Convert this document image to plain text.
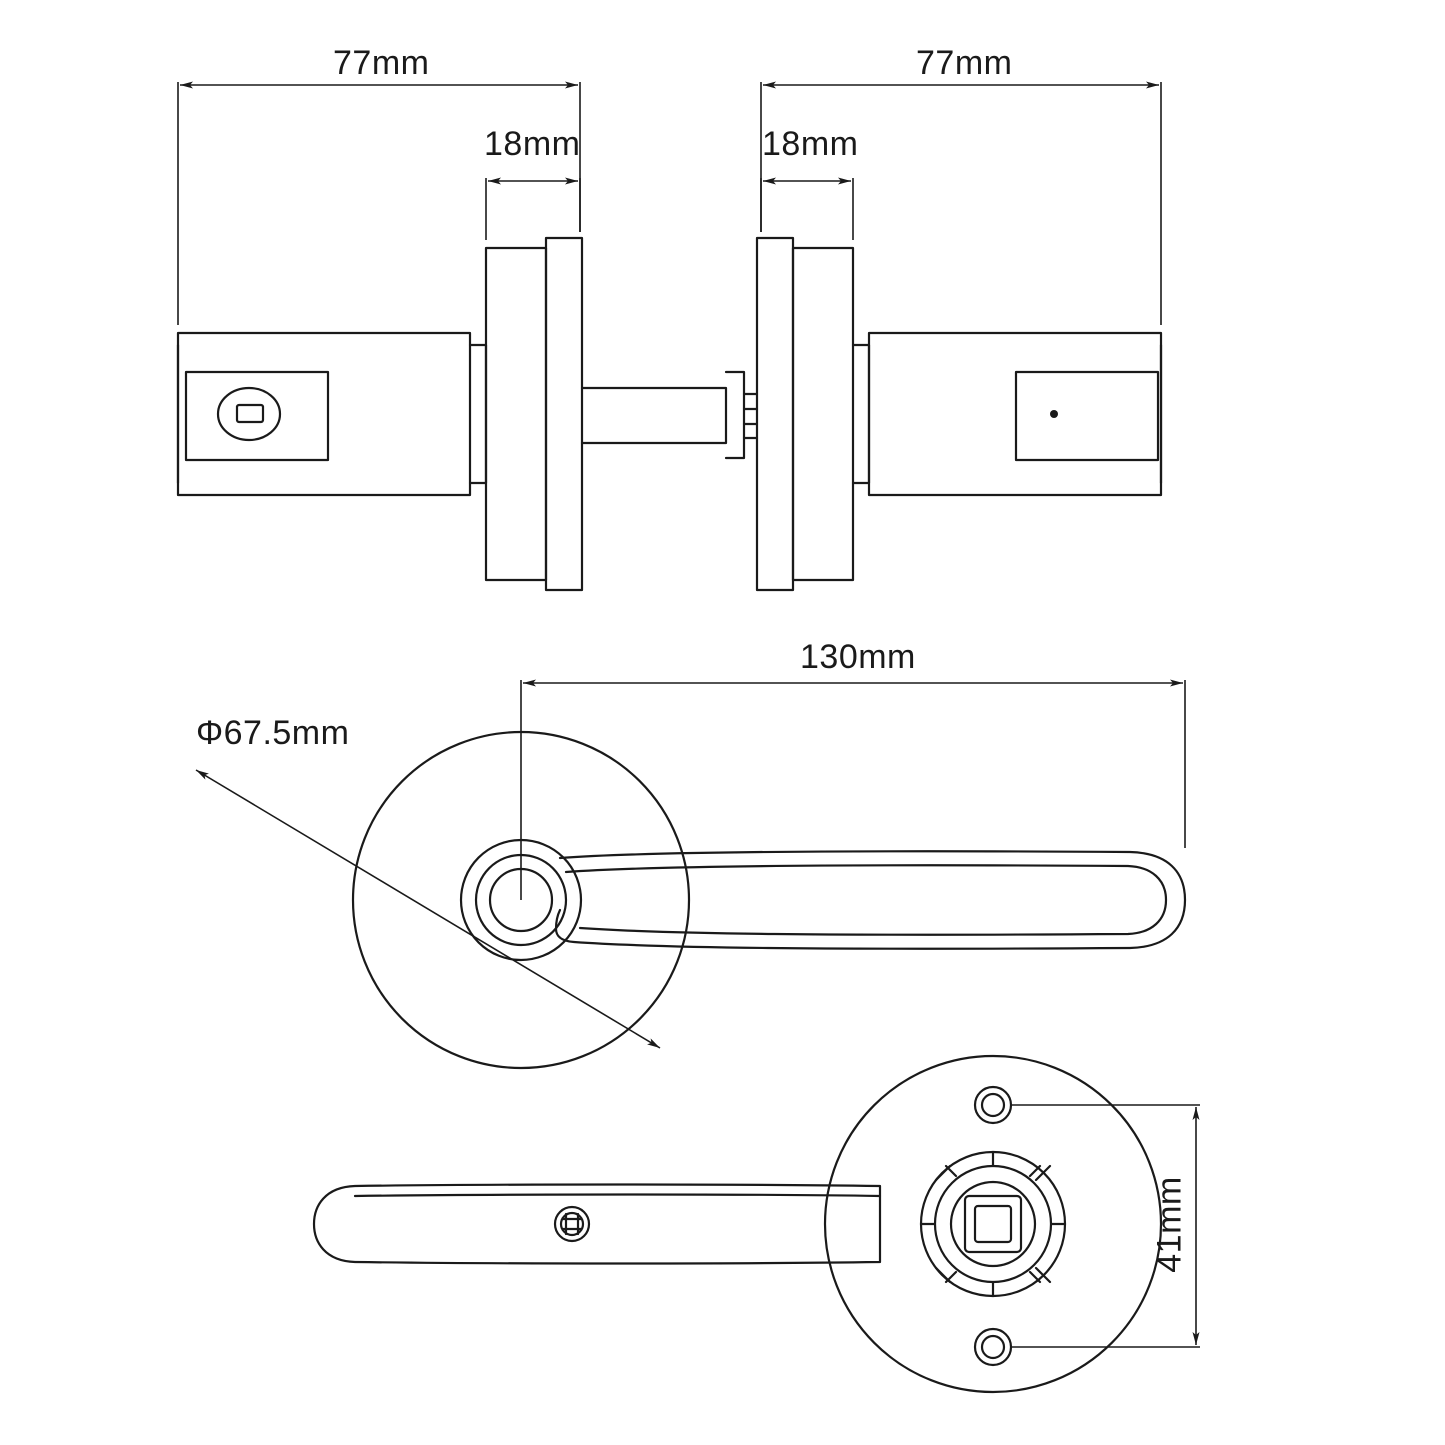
77mm	77mm
18mm	18mm
130mm
Φ67.5mm
41mm
